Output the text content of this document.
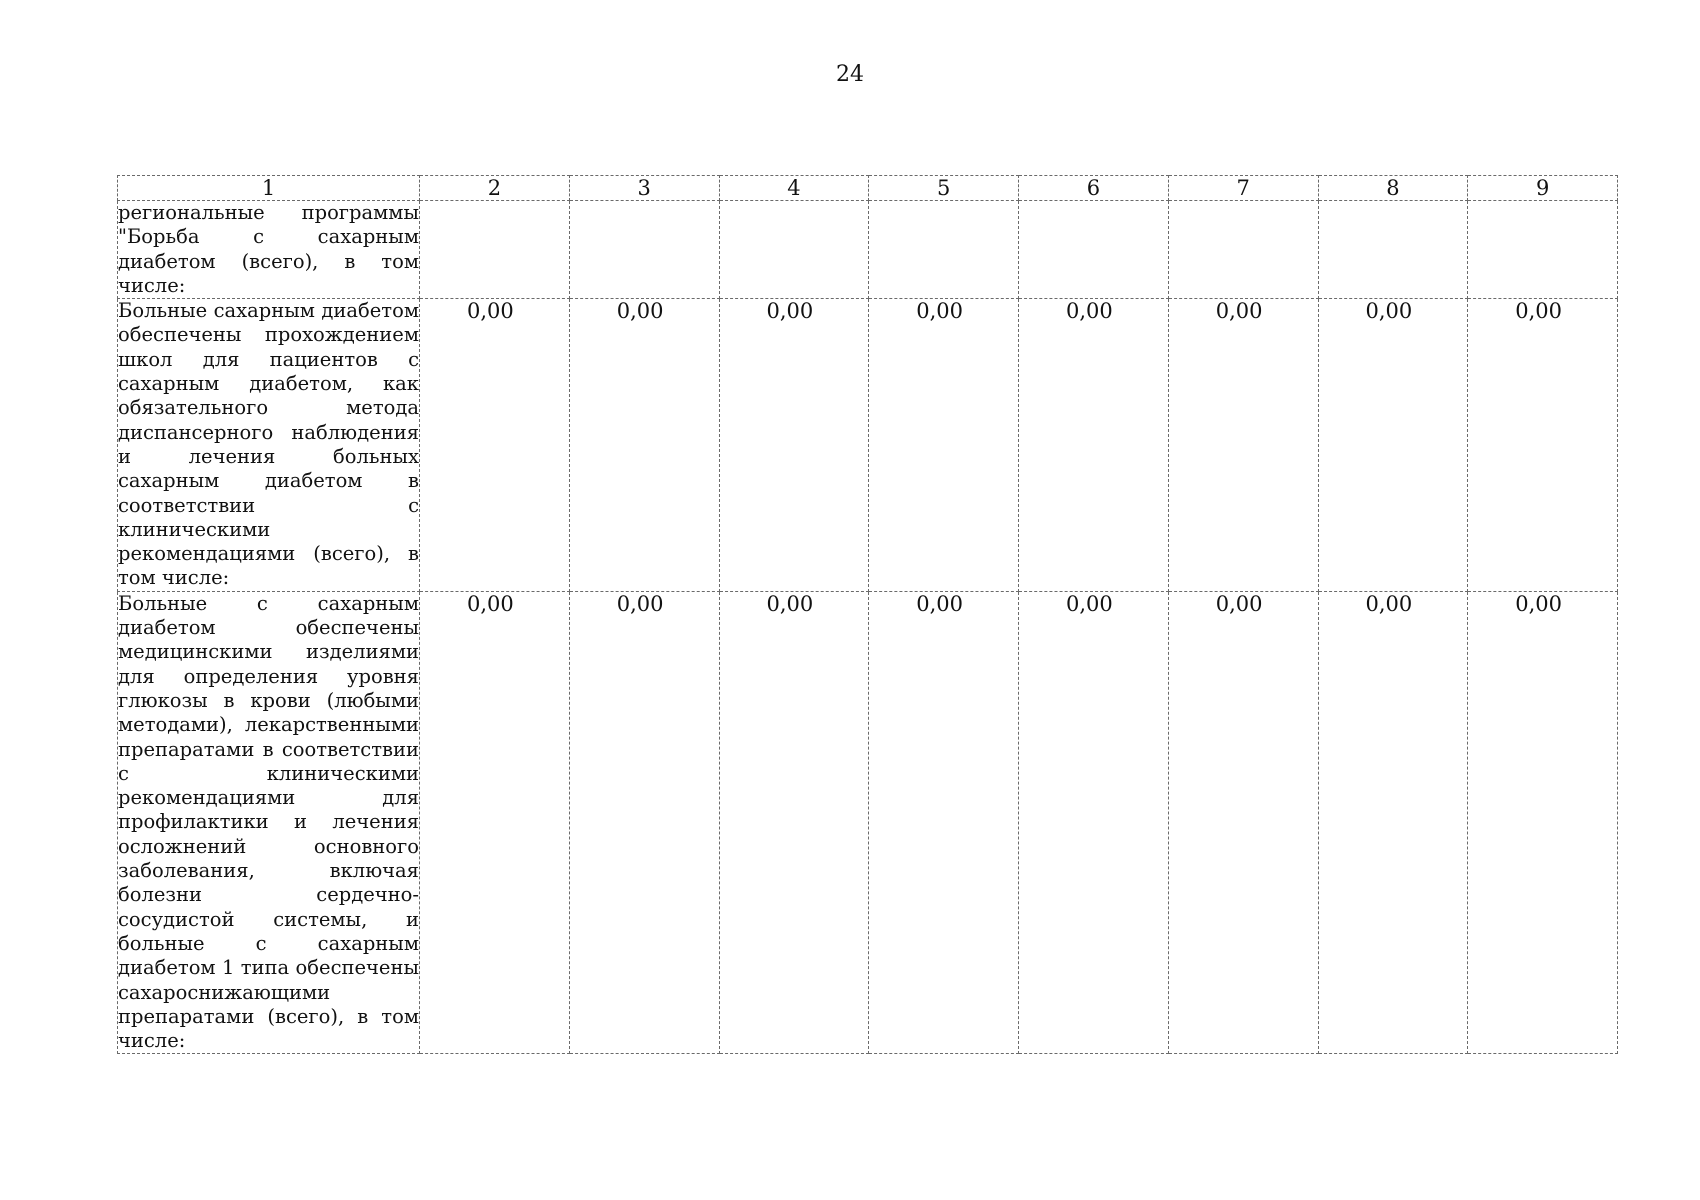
24
1	2	3	4	5	6	7	8	9
региональные программы "Борьба с сахарным диабетом (всего), в том числе:								
Больные сахарным диабетом обеспечены прохождением школ для пациентов с сахарным диабетом, как обязательного метода диспансерного наблюдения и лечения больных сахарным диабетом в соответствии с клиническими рекомендациями (всего), в том числе:	0,00	0,00	0,00	0,00	0,00	0,00	0,00	0,00
Больные с сахарным диабетом обеспечены медицинскими изделиями для определения уровня глюкозы в крови (любыми методами), лекарственными препаратами в соответствии с клиническими рекомендациями для профилактики и лечения осложнений основного заболевания, включая болезни сердечно-сосудистой системы, и больные с сахарным диабетом 1 типа обеспечены сахароснижающими препаратами (всего), в том числе:	0,00	0,00	0,00	0,00	0,00	0,00	0,00	0,00
